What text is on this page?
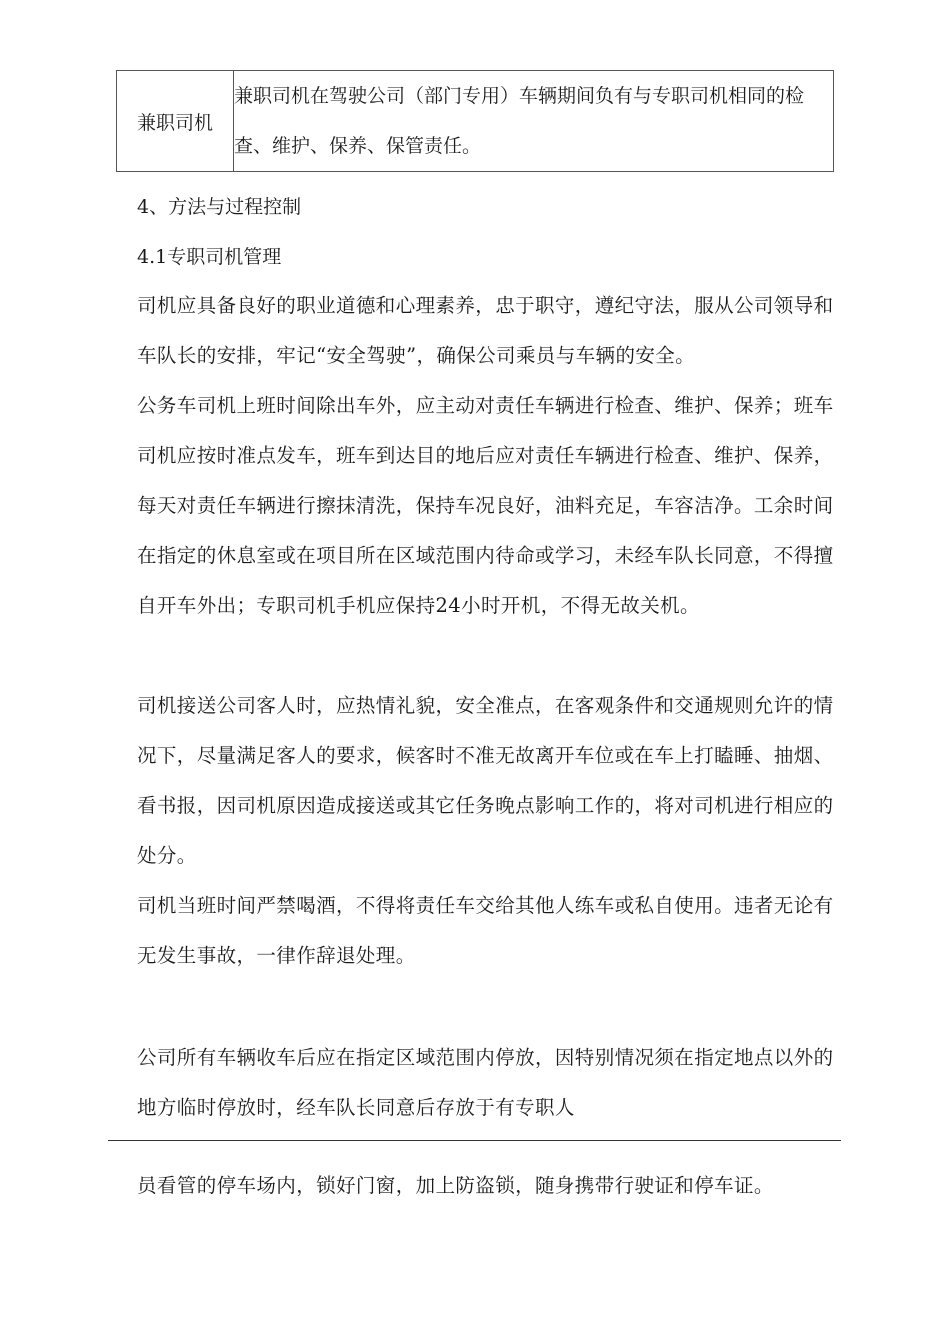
兼职司机	兼职司机在驾驶公司（部门专用）车辆期间负有与专职司机相同的检查、维护、保养、保管责任。
4、方法与过程控制
4.1专职司机管理
司机应具备良好的职业道德和心理素养，忠于职守，遵纪守法，服从公司领导和车队长的安排，牢记“安全驾驶”，确保公司乘员与车辆的安全。
公务车司机上班时间除出车外，应主动对责任车辆进行检查、维护、保养；班车司机应按时准点发车，班车到达目的地后应对责任车辆进行检查、维护、保养，每天对责任车辆进行擦抹清洗，保持车况良好，油料充足，车容洁净。工余时间在指定的休息室或在项目所在区域范围内待命或学习，未经车队长同意，不得擅自开车外出；专职司机手机应保持24小时开机，不得无故关机。
司机接送公司客人时，应热情礼貌，安全准点，在客观条件和交通规则允许的情况下，尽量满足客人的要求，候客时不准无故离开车位或在车上打瞌睡、抽烟、看书报，因司机原因造成接送或其它任务晚点影响工作的，将对司机进行相应的处分。
司机当班时间严禁喝酒，不得将责任车交给其他人练车或私自使用。违者无论有无发生事故，一律作辞退处理。
公司所有车辆收车后应在指定区域范围内停放，因特别情况须在指定地点以外的地方临时停放时，经车队长同意后存放于有专职人
员看管的停车场内，锁好门窗，加上防盗锁，随身携带行驶证和停车证。
